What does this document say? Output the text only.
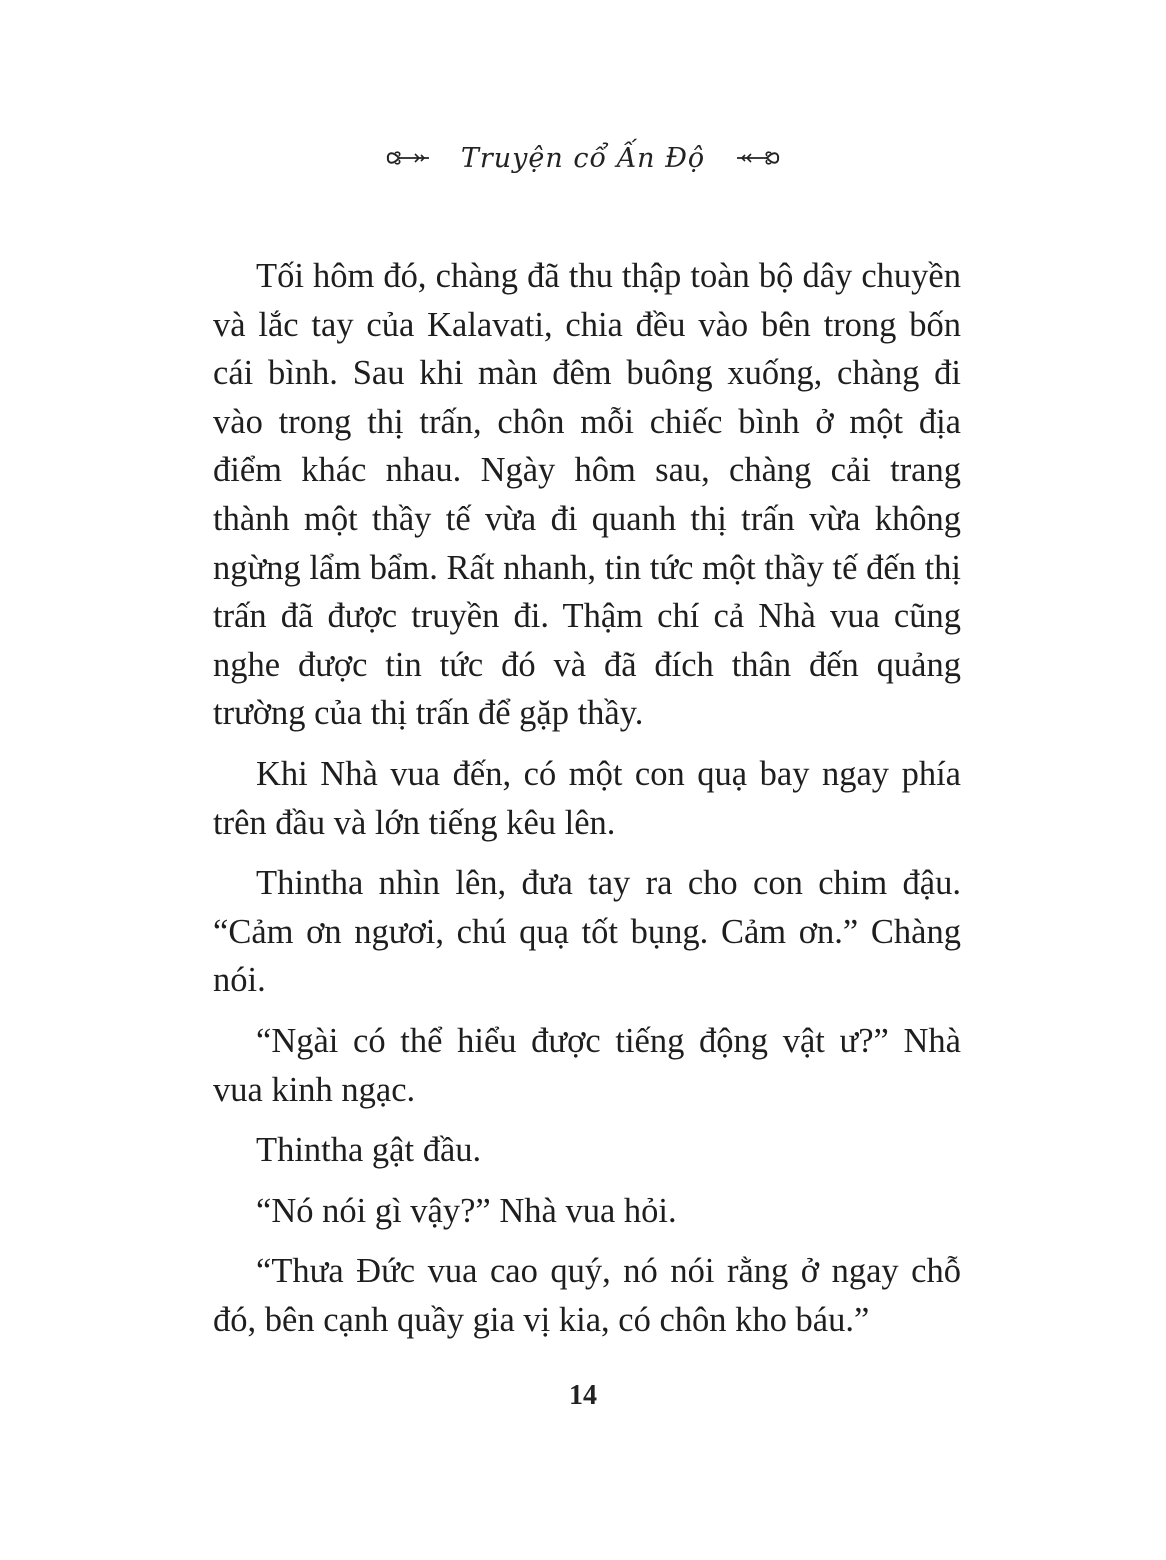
Truyện cổ Ấn Độ

Tối hôm đó, chàng đã thu thập toàn bộ dây chuyền và lắc tay của Kalavati, chia đều vào bên trong bốn cái bình. Sau khi màn đêm buông xuống, chàng đi vào trong thị trấn, chôn mỗi chiếc bình ở một địa điểm khác nhau. Ngày hôm sau, chàng cải trang thành một thầy tế vừa đi quanh thị trấn vừa không ngừng lẩm bẩm. Rất nhanh, tin tức một thầy tế đến thị trấn đã được truyền đi. Thậm chí cả Nhà vua cũng nghe được tin tức đó và đã đích thân đến quảng trường của thị trấn để gặp thầy.

Khi Nhà vua đến, có một con quạ bay ngay phía trên đầu và lớn tiếng kêu lên.

Thintha nhìn lên, đưa tay ra cho con chim đậu. “Cảm ơn ngươi, chú quạ tốt bụng. Cảm ơn.” Chàng nói.

“Ngài có thể hiểu được tiếng động vật ư?” Nhà vua kinh ngạc.

Thintha gật đầu.

“Nó nói gì vậy?” Nhà vua hỏi.

“Thưa Đức vua cao quý, nó nói rằng ở ngay chỗ đó, bên cạnh quầy gia vị kia, có chôn kho báu.”

14
